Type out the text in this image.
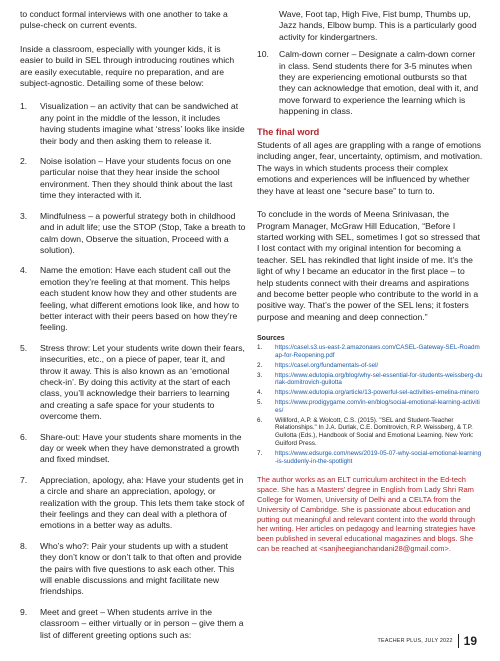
to conduct formal interviews with one another to take a pulse-check on current events.

Inside a classroom, especially with younger kids, it is easier to build in SEL through introducing routines which are easily executable, require no preparation, and are subject-agnostic. Detailing some of these below:

1. Visualization – an activity that can be sandwiched at any point in the middle of the lesson, it includes having students imagine what ‘stress’ looks like inside their body and then asking them to release it.
2. Noise isolation – Have your students focus on one particular noise that they hear inside the school environment. Then they should think about the last time they interacted with it.
3. Mindfulness – a powerful strategy both in childhood and in adult life; use the STOP (Stop, Take a breath to calm down, Observe the situation, Proceed with a solution).
4. Name the emotion: Have each student call out the emotion they’re feeling at that moment. This helps each student know how they and other students are feeling, what different emotions look like, and how to better interact with their peers based on how they’re feeling.
5. Stress throw: Let your students write down their fears, insecurities, etc., on a piece of paper, tear it, and throw it away. This is also known as an ‘emotional check-in’. By doing this activity at the start of each class, you’ll acknowledge their barriers to learning and creating a safe space for your students to overcome them.
6. Share-out: Have your students share moments in the day or week when they have demonstrated a growth and fixed mindset.
7. Appreciation, apology, aha: Have your students get in a circle and share an appreciation, apology, or realization with the group. This lets them take stock of their feelings and they can deal with a plethora of emotions in a better way as adults.
8. Who’s who?: Pair your students up with a student they don’t know or don’t talk to that often and provide the pairs with five questions to ask each other. This will enable discussions and might facilitate new friendships.
9. Meet and greet – When students arrive in the classroom – either virtually or in person – give them a list of different greeting options such as:

Wave, Foot tap, High Five, Fist bump, Thumbs up, Jazz hands, Elbow bump. This is a particularly good activity for kindergartners.

10. Calm-down corner – Designate a calm-down corner in class. Send students there for 3-5 minutes when they are experiencing emotional outbursts so that they can acknowledge that emotion, deal with it, and move forward to experience the learning which is happening in class.
The final word

Students of all ages are grappling with a range of emotions including anger, fear, uncertainty, optimism, and motivation. The ways in which students process their complex emotions and experiences will be influenced by whether they have at least one “secure base” to turn to.

To conclude in the words of Meena Srinivasan, the Program Manager, McGraw Hill Education, “Before I started working with SEL, sometimes I got so stressed that I lost contact with my original intention for becoming a teacher. SEL has rekindled that light inside of me. It’s the light of why I became an educator in the first place – to help students connect with their dreams and aspirations and become better people who contribute to the world in a positive way. That’s the power of the SEL lens; it fosters purpose and meaning and deep connection.”

Sources
1. https://casel.s3.us-east-2.amazonaws.com/CASEL-Gateway-SEL-Roadmap-for-Reopening.pdf
2. https://casel.org/fundamentals-of-sel/
3. https://www.edutopia.org/blog/why-sel-essential-for-students-weissberg-durlak-domitrovich-gullotta
4. https://www.edutopia.org/article/13-powerful-sel-activities-emelina-minero
5. https://www.prodigygame.com/in-en/blog/social-emotional-learning-activities/
6. Williford, A.P. & Wolcott, C.S. (2015). "SEL and Student-Teacher Relationships." In J.A. Durlak, C.E. Domitrovich, R.P. Weissberg, & T.P. Gullotta (Eds.), Handbook of Social and Emotional Learning. New York: Guilford Press.
7. https://www.edsurge.com/news/2019-05-07-why-social-emotional-learning-is-suddenly-in-the-spotlight
The author works as an ELT curriculum architect in the Ed-tech space. She has a Masters’ degree in English from Lady Shri Ram College for Women, University of Delhi and a CELTA from the University of Cambridge. She is passionate about education and putting out meaningful and relevant content into the world through her writing. Her articles on pedagogy and learning strategies have been published in several educational magazines and blogs. She can be reached at <sanjheegianchandani28@gmail.com>.
TEACHER PLUS, JULY 2022 19
